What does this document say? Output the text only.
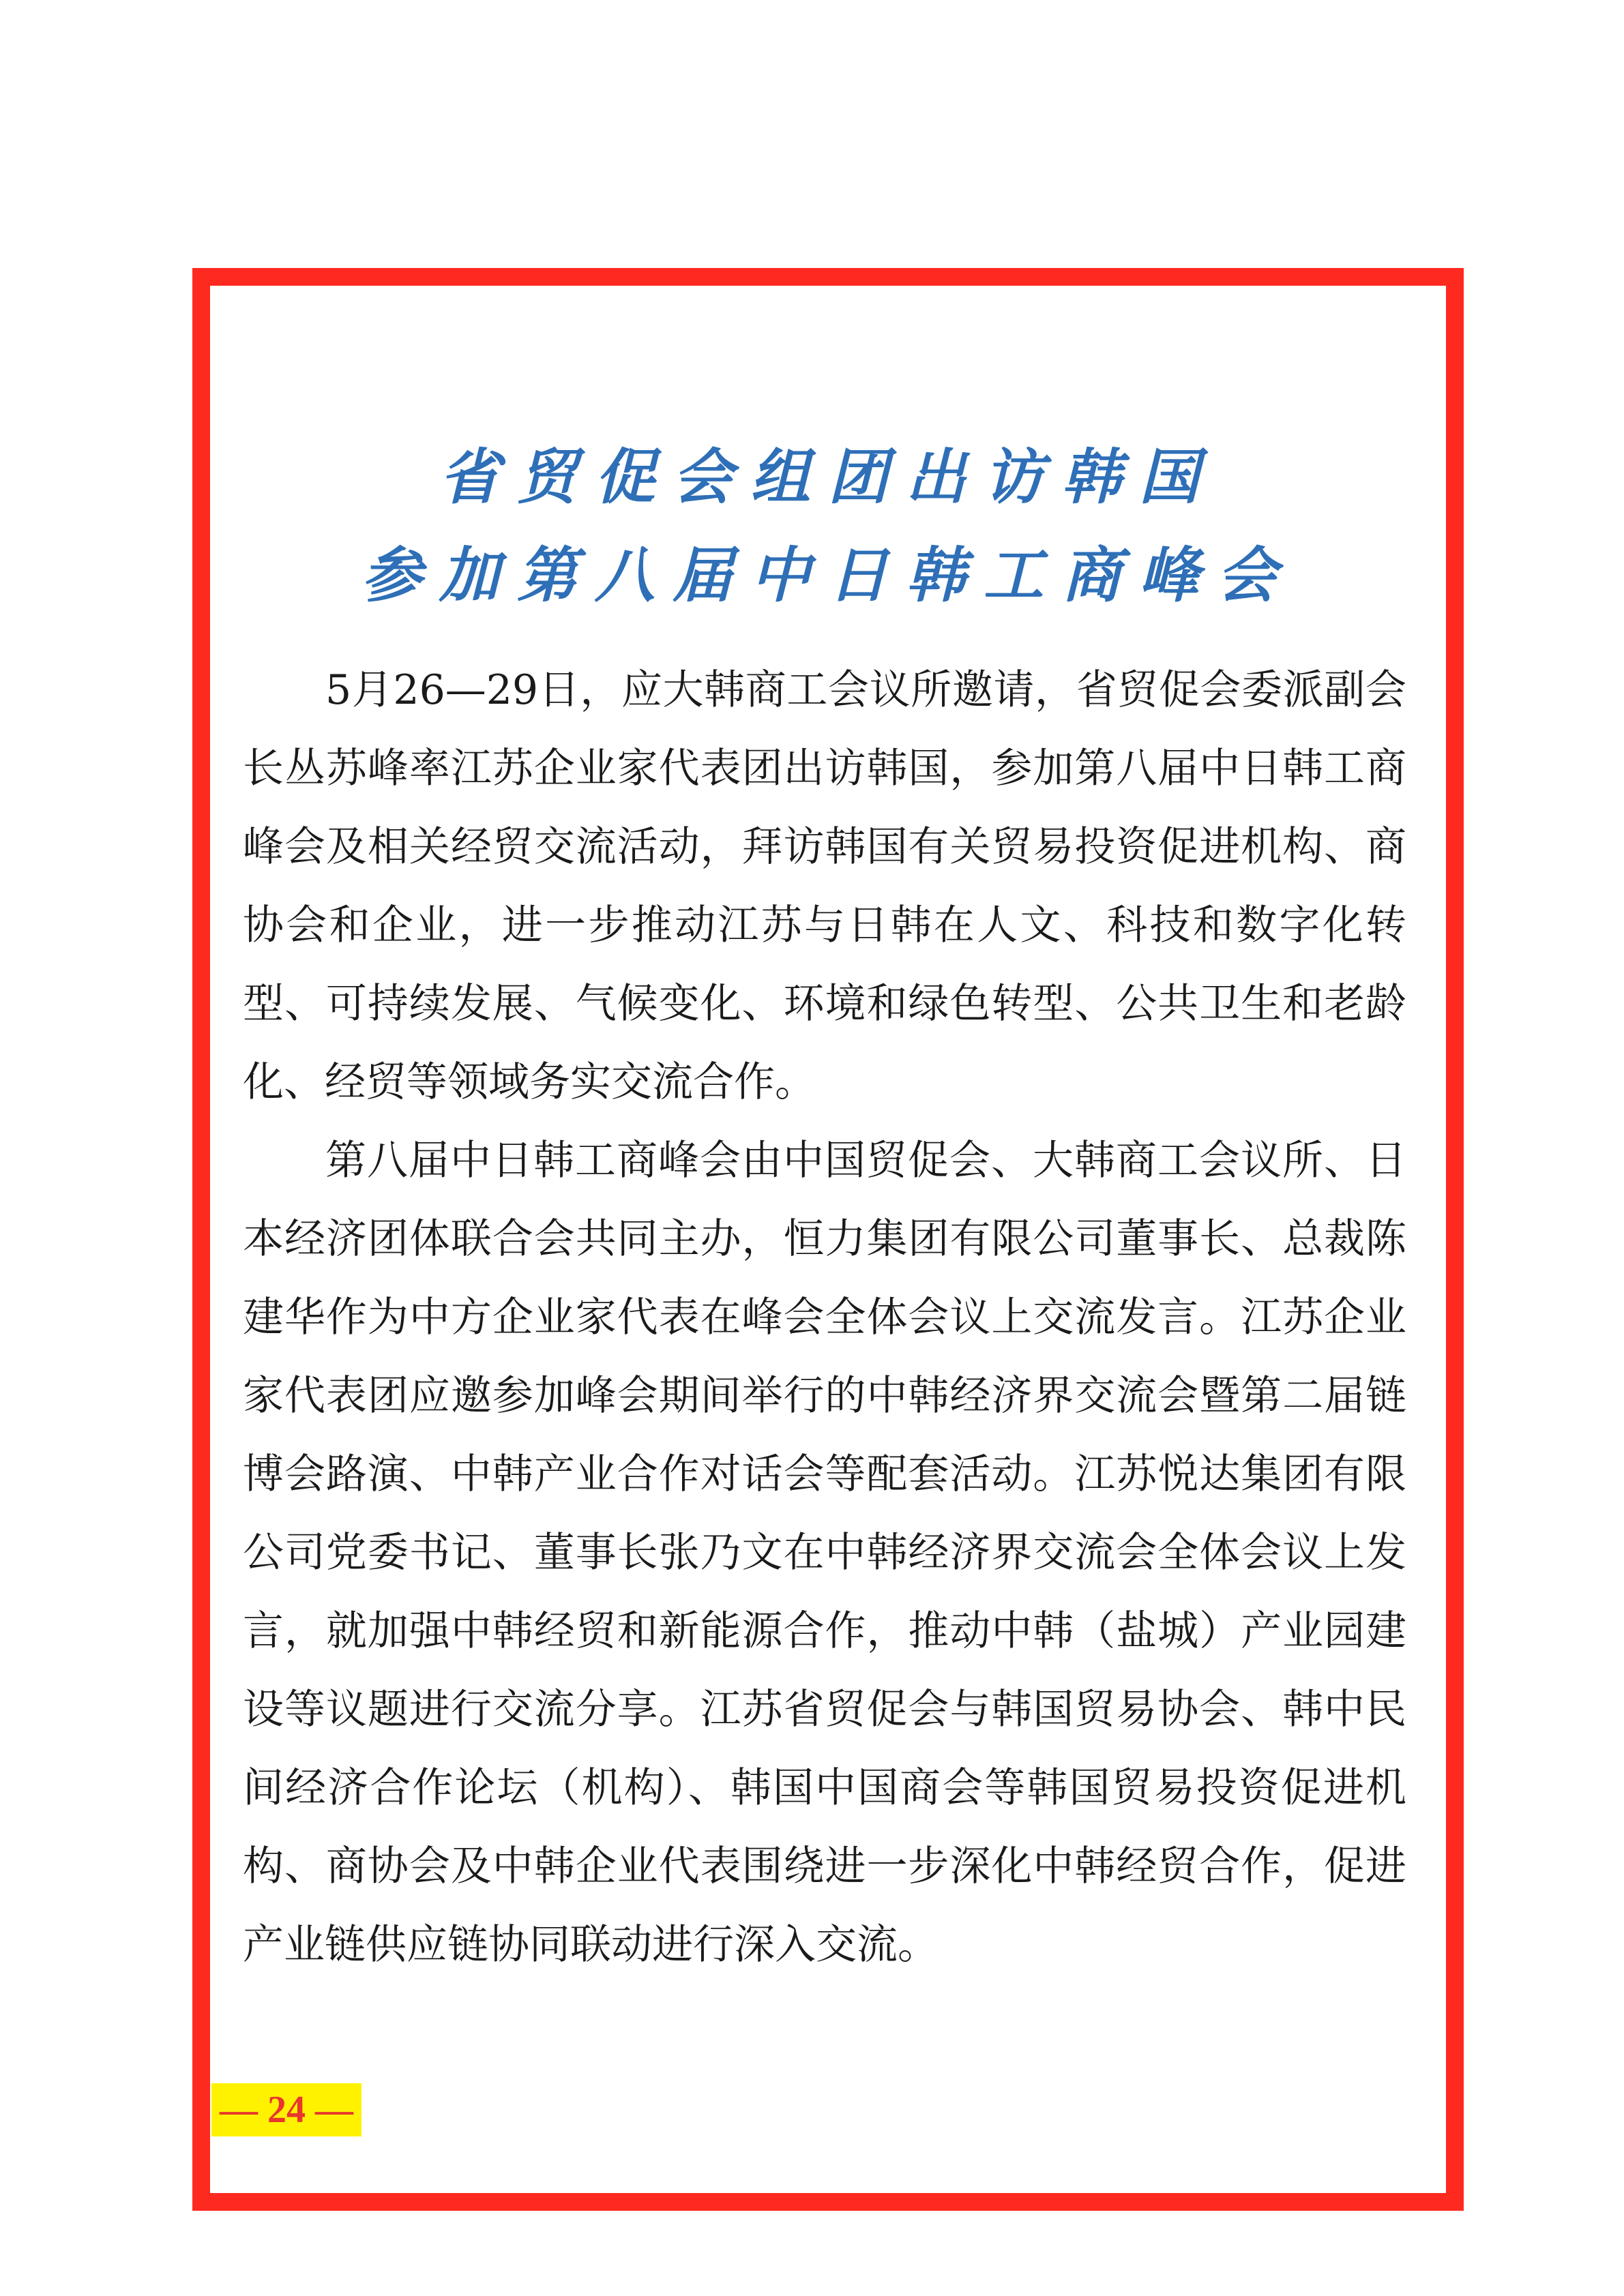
省贸促会组团出访韩国
参加第八届中日韩工商峰会

5月26—29日，应大韩商工会议所邀请，省贸促会委派副会长丛苏峰率江苏企业家代表团出访韩国，参加第八届中日韩工商峰会及相关经贸交流活动，拜访韩国有关贸易投资促进机构、商协会和企业，进一步推动江苏与日韩在人文、科技和数字化转型、可持续发展、气候变化、环境和绿色转型、公共卫生和老龄化、经贸等领域务实交流合作。

第八届中日韩工商峰会由中国贸促会、大韩商工会议所、日本经济团体联合会共同主办，恒力集团有限公司董事长、总裁陈建华作为中方企业家代表在峰会全体会议上交流发言。江苏企业家代表团应邀参加峰会期间举行的中韩经济界交流会暨第二届链博会路演、中韩产业合作对话会等配套活动。江苏悦达集团有限公司党委书记、董事长张乃文在中韩经济界交流会全体会议上发言，就加强中韩经贸和新能源合作，推动中韩（盐城）产业园建设等议题进行交流分享。江苏省贸促会与韩国贸易协会、韩中民间经济合作论坛（机构）、韩国中国商会等韩国贸易投资促进机构、商协会及中韩企业代表围绕进一步深化中韩经贸合作，促进产业链供应链协同联动进行深入交流。

— 24 —
